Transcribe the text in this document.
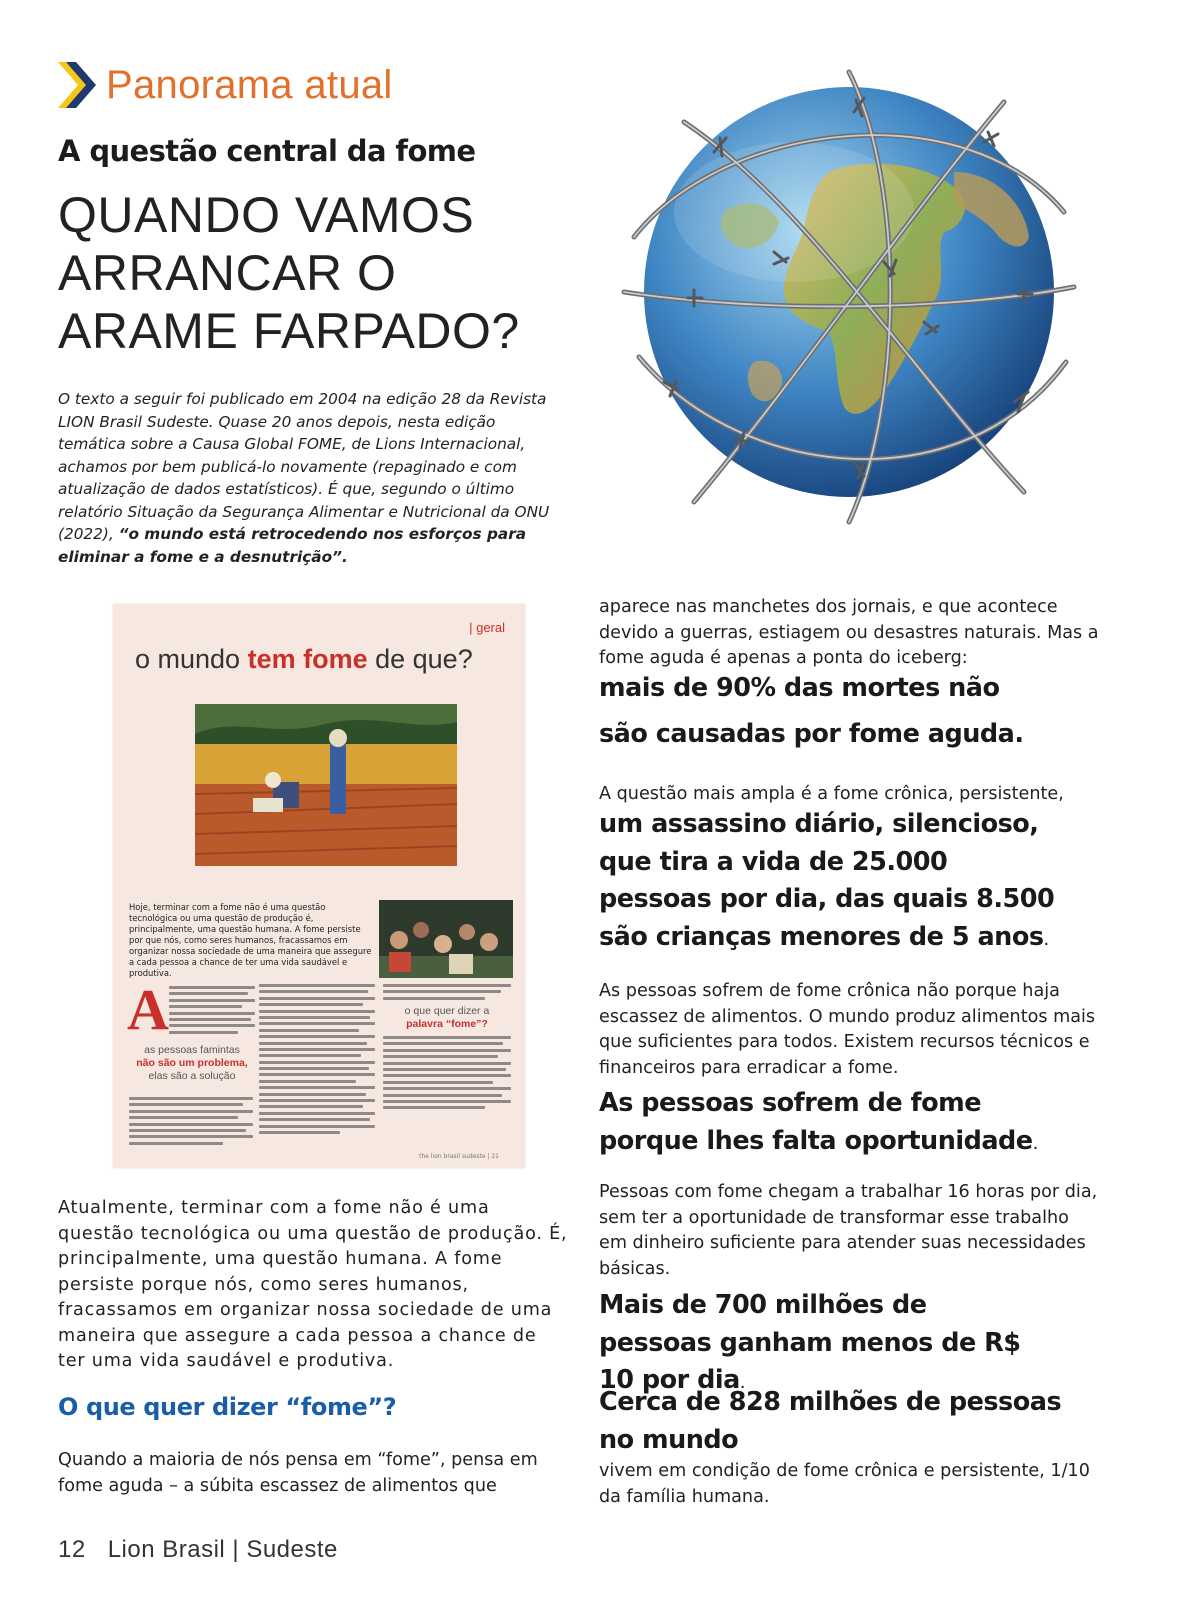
Panorama atual
A questão central da fome
QUANDO VAMOS
ARRANCAR O
ARAME FARPADO?

O texto a seguir foi publicado em 2004 na edição 28 da Revista LION Brasil Sudeste. Quase 20 anos depois, nesta edição temática sobre a Causa Global FOME, de Lions Internacional, achamos por bem publicá-lo novamente (repaginado e com atualização de dados estatísticos). É que, segundo o último relatório Situação da Segurança Alimentar e Nutricional da ONU (2022), “o mundo está retrocedendo nos esforços para eliminar a fome e a desnutrição”.

| geral
o mundo tem fome de que?

Hoje, terminar com a fome não é uma questão tecnológica ou uma questão de produção é, principalmente, uma questão humana. A fome persiste por que nós, como seres humanos, fracassamos em organizar nossa sociedade de uma maneira que assegure a cada pessoa a chance de ter uma vida saudável e produtiva.

A
as pessoas famintas
não são um problema,
elas são a solução
o que quer dizer a
palavra “fome”?
the lion brasil sudeste | 21

Atualmente, terminar com a fome não é uma questão tecnológica ou uma questão de produção. É, principalmente, uma questão humana. A fome persiste porque nós, como seres humanos, fracassamos em organizar nossa sociedade de uma maneira que assegure a cada pessoa a chance de ter uma vida saudável e produtiva.

O que quer dizer “fome”?

Quando a maioria de nós pensa em “fome”, pensa em fome aguda – a súbita escassez de alimentos que

aparece nas manchetes dos jornais, e que acontece devido a guerras, estiagem ou desastres naturais. Mas a fome aguda é apenas a ponta do iceberg:

mais de 90% das mortes não são causadas por fome aguda.

A questão mais ampla é a fome crônica, persistente,

um assassino diário, silencioso, que tira a vida de 25.000 pessoas por dia, das quais 8.500 são crianças menores de 5 anos.

As pessoas sofrem de fome crônica não porque haja escassez de alimentos. O mundo produz alimentos mais que suficientes para todos. Existem recursos técnicos e financeiros para erradicar a fome.

As pessoas sofrem de fome porque lhes falta oportunidade.

Pessoas com fome chegam a trabalhar 16 horas por dia, sem ter a oportunidade de transformar esse trabalho em dinheiro suficiente para atender suas necessidades básicas.

Mais de 700 milhões de pessoas ganham menos de R$ 10 por dia.

Cerca de 828 milhões de pessoas no mundo

vivem em condição de fome crônica e persistente, 1/10 da família humana.

12 Lion Brasil | Sudeste
